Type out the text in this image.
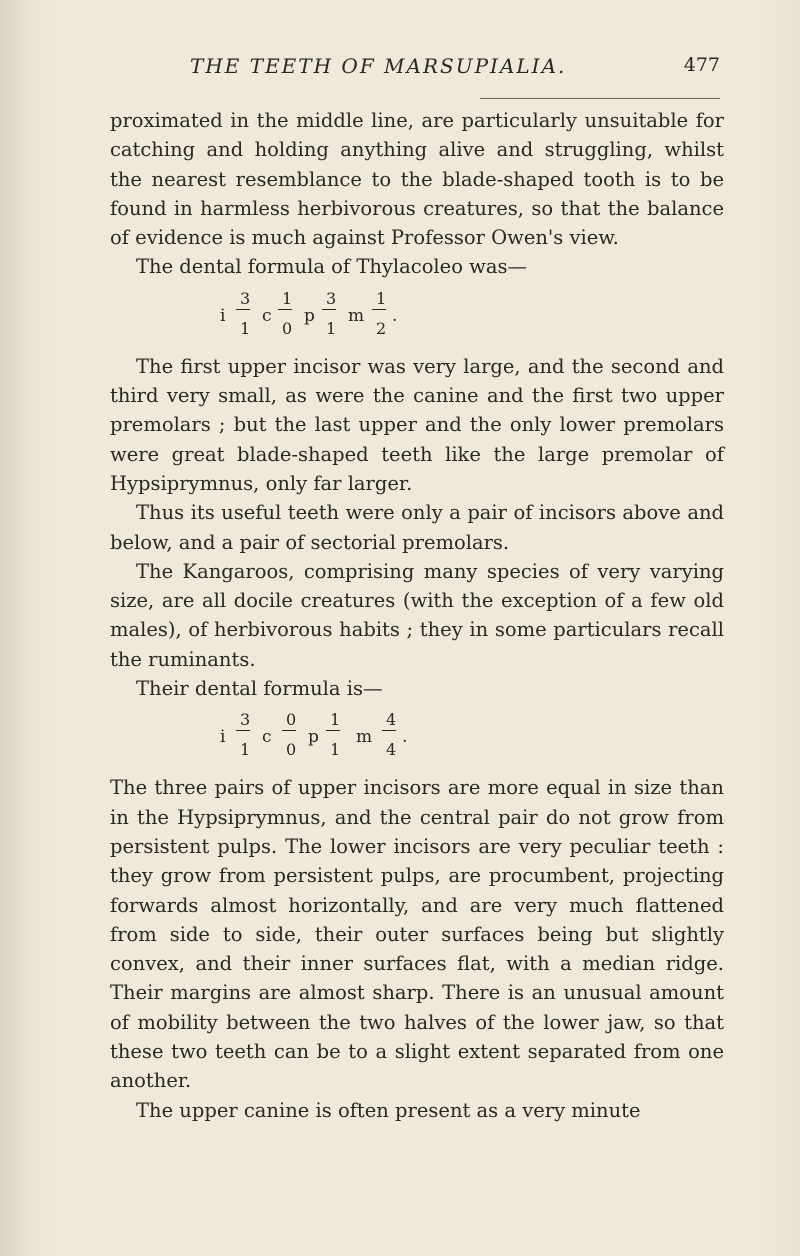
THE TEETH OF MARSUPIALIA.	477

proximated in the middle line, are particularly unsuitable for catching and holding anything alive and struggling, whilst the nearest resemblance to the blade-shaped tooth is to be found in harmless herbivorous creatures, so that the balance of evidence is much against Professor Owen's view.

The dental formula of Thylacoleo was—

i
3
1
c
1
0
p
3
1
m
1
2
.

The first upper incisor was very large, and the second and third very small, as were the canine and the first two upper premolars ; but the last upper and the only lower premolars were great blade-shaped teeth like the large premolar of Hypsiprymnus, only far larger.

Thus its useful teeth were only a pair of incisors above and below, and a pair of sectorial premolars.

The Kangaroos, comprising many species of very varying size, are all docile creatures (with the exception of a few old males), of herbivorous habits ; they in some particulars recall the ruminants.

Their dental formula is—

i
3
1
c
0
0
p
1
1
m
4
4
.

The three pairs of upper incisors are more equal in size than in the Hypsiprymnus, and the central pair do not grow from persistent pulps. The lower incisors are very peculiar teeth : they grow from persistent pulps, are procumbent, projecting forwards almost horizontally, and are very much flattened from side to side, their outer surfaces being but slightly convex, and their inner surfaces flat, with a median ridge. Their margins are almost sharp. There is an unusual amount of mobility between the two halves of the lower jaw, so that these two teeth can be to a slight extent separated from one another.

The upper canine is often present as a very minute
